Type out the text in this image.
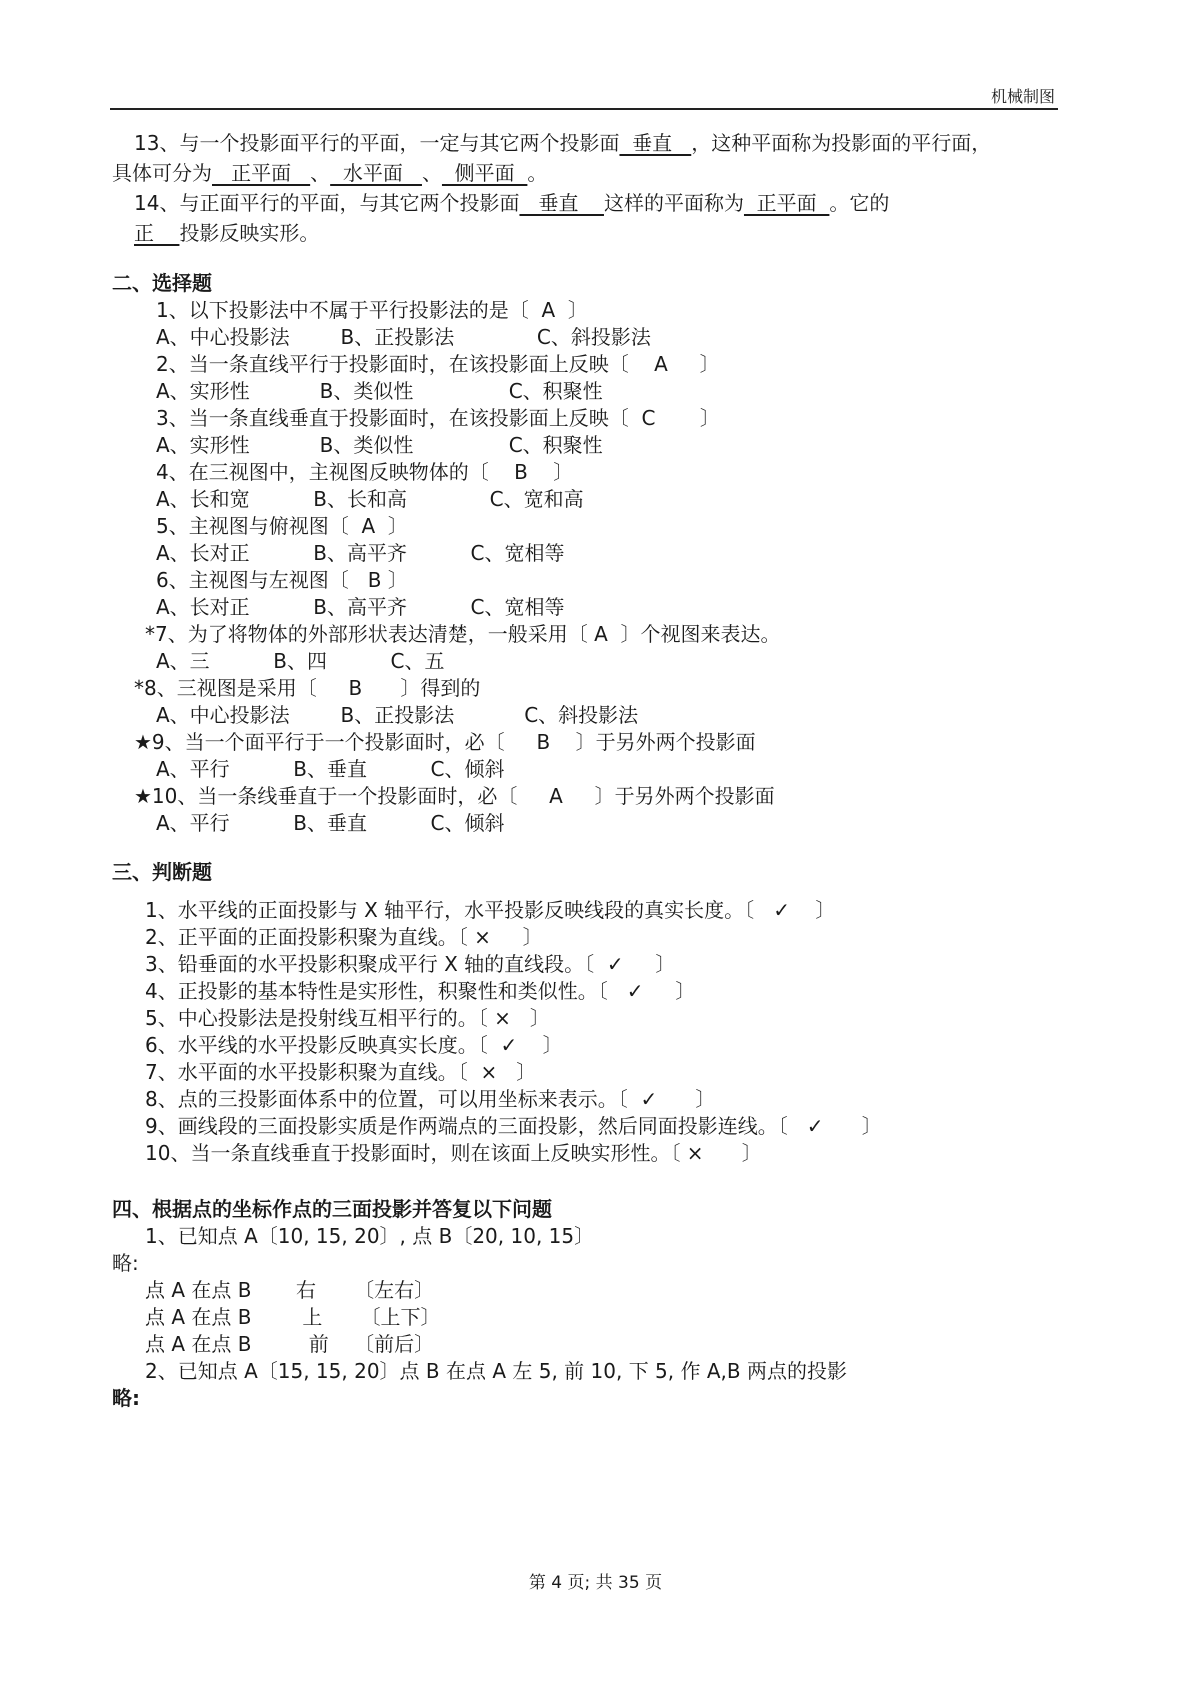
机械制图
13、与一个投影面平行的平面，一定与其它两个投影面  垂直   ，这种平面称为投影面的平行面，
具体可分为   正平面   、  水平面   、  侧平面  。
14、与正面平行的平面，与其它两个投影面   垂直    这样的平面称为  正平面  。它的
正    投影反映实形。
二、选择题
1、以下投影法中不属于平行投影法的是〔  A  〕
A、中心投影法        B、正投影法             C、斜投影法
2、当一条直线平行于投影面时，在该投影面上反映〔    A     〕
A、实形性           B、类似性               C、积聚性
3、当一条直线垂直于投影面时，在该投影面上反映〔  C       〕
A、实形性           B、类似性               C、积聚性
4、在三视图中，主视图反映物体的〔    B    〕
A、长和宽          B、长和高             C、宽和高
5、主视图与俯视图〔  A  〕
A、长对正          B、高平齐          C、宽相等
6、主视图与左视图〔   B 〕
A、长对正          B、高平齐          C、宽相等
*7、为了将物体的外部形状表达清楚，一般采用〔 A  〕个视图来表达。
A、三          B、四          C、五
*8、三视图是采用〔     B      〕得到的
A、中心投影法        B、正投影法           C、斜投影法
★9、当一个面平行于一个投影面时，必〔     B    〕于另外两个投影面
A、平行          B、垂直          C、倾斜
★10、当一条线垂直于一个投影面时，必〔     A     〕于另外两个投影面
A、平行          B、垂直          C、倾斜
三、判断题
1、水平线的正面投影与 X 轴平行，水平投影反映线段的真实长度。〔   ✓    〕
2、正平面的正面投影积聚为直线。〔 ×     〕
3、铅垂面的水平投影积聚成平行 X 轴的直线段。〔  ✓     〕
4、正投影的基本特性是实形性，积聚性和类似性。〔   ✓     〕
5、中心投影法是投射线互相平行的。〔 ×   〕
6、水平线的水平投影反映真实长度。〔  ✓    〕
7、水平面的水平投影积聚为直线。〔  ×   〕
8、点的三投影面体系中的位置，可以用坐标来表示。〔  ✓      〕
9、画线段的三面投影实质是作两端点的三面投影，然后同面投影连线。〔   ✓      〕
10、当一条直线垂直于投影面时，则在该面上反映实形性。〔 ×      〕
四、根据点的坐标作点的三面投影并答复以下问题
1、已知点 A〔10, 15, 20〕, 点 B〔20, 10, 15〕
略:
点 A 在点 B       右      〔左右〕
点 A 在点 B        上      〔上下〕
点 A 在点 B         前    〔前后〕
2、已知点 A〔15, 15, 20〕点 B 在点 A 左 5, 前 10, 下 5, 作 A,B 两点的投影
略:
第 4 页; 共 35 页
